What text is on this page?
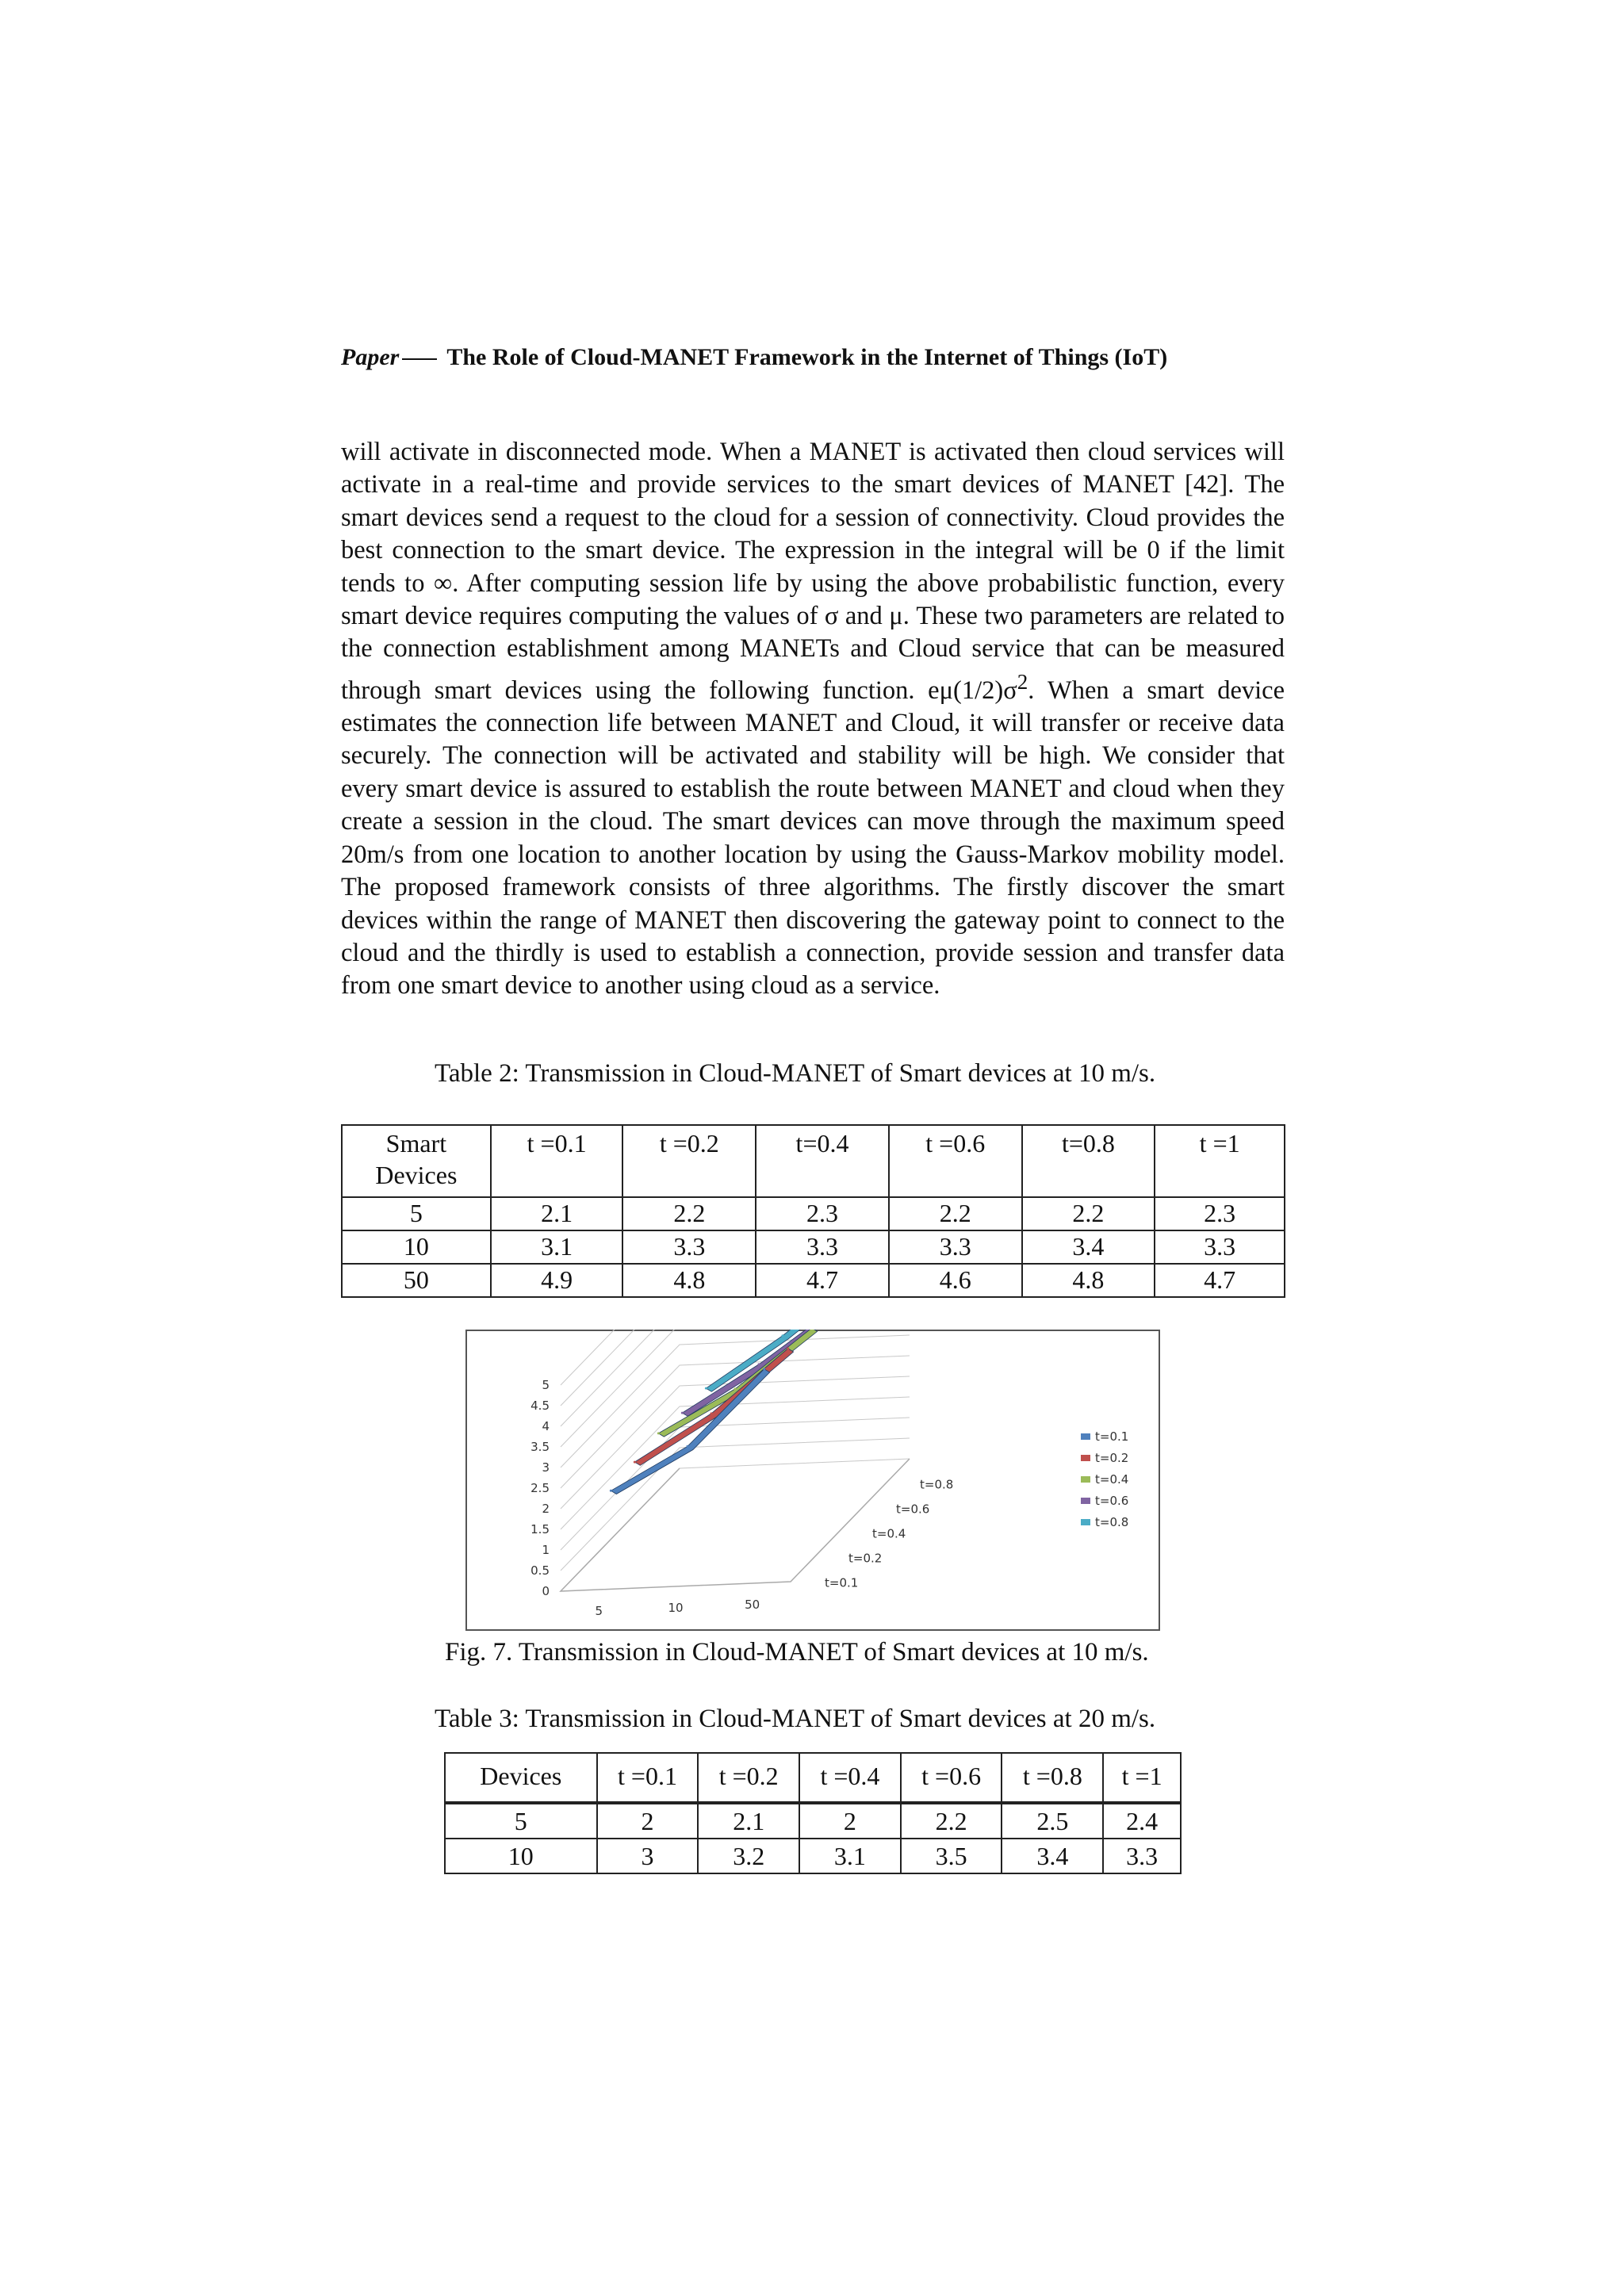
Paper The Role of Cloud-MANET Framework in the Internet of Things (IoT)

will activate in disconnected mode. When a MANET is activated then cloud services will activate in a real-time and provide services to the smart devices of MANET [42]. The smart devices send a request to the cloud for a session of connectivity. Cloud provides the best connection to the smart device. The expression in the integral will be 0 if the limit tends to ∞. After computing session life by using the above probabilistic function, every smart device requires computing the values of σ and μ. These two parameters are related to the connection establishment among MANETs and Cloud service that can be measured through smart devices using the following function. $e\mu(1/2)\sigma^2$. When a smart device estimates the connection life between MANET and Cloud, it will transfer or receive data securely. The connection will be activated and stability will be high. We consider that every smart device is assured to establish the route between MANET and cloud when they create a session in the cloud. The smart devices can move through the maximum speed 20m/s from one location to another location by using the Gauss-Markov mobility model. The proposed framework consists of three algorithms. The firstly discover the smart devices within the range of MANET then discovering the gateway point to connect to the cloud and the thirdly is used to establish a connection, provide session and transfer data from one smart device to another using cloud as a service.

Table 2: Transmission in Cloud-MANET of Smart devices at 10 m/s.
Smart
Devices	t =0.1	t =0.2	t=0.4	t =0.6	t=0.8	t =1
5	2.1	2.2	2.3	2.2	2.2	2.3
10	3.1	3.3	3.3	3.3	3.4	3.3
50	4.9	4.8	4.7	4.6	4.8	4.7
0
0.5
1
1.5
2
2.5
3
3.5
4
4.5
5
5	10	50
t=0.1
t=0.2
t=0.4
t=0.6
t=0.8
t=0.1
t=0.2
t=0.4
t=0.6
t=0.8
Fig. 7. Transmission in Cloud-MANET of Smart devices at 10 m/s.
Table 3: Transmission in Cloud-MANET of Smart devices at 20 m/s.
Devices	t =0.1	t =0.2	t =0.4	t =0.6	t =0.8	t =1
5	2	2.1	2	2.2	2.5	2.4
10	3	3.2	3.1	3.5	3.4	3.3
